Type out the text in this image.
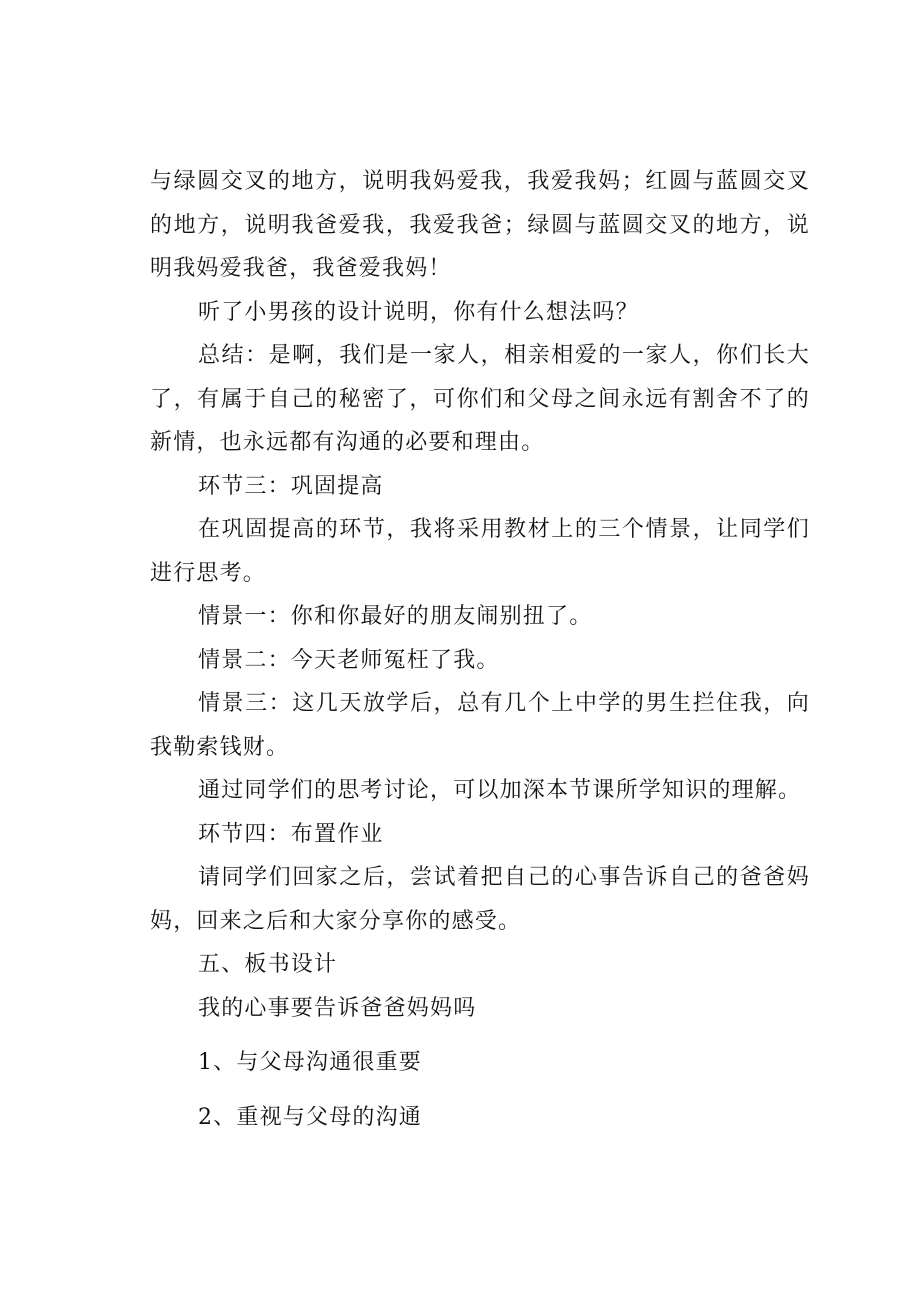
与绿圆交叉的地方，说明我妈爱我，我爱我妈；红圆与蓝圆交叉的地方，说明我爸爱我，我爱我爸；绿圆与蓝圆交叉的地方，说明我妈爱我爸，我爸爱我妈！

听了小男孩的设计说明，你有什么想法吗？

总结：是啊，我们是一家人，相亲相爱的一家人，你们长大了，有属于自己的秘密了，可你们和父母之间永远有割舍不了的新情，也永远都有沟通的必要和理由。

环节三：巩固提高

在巩固提高的环节，我将采用教材上的三个情景，让同学们进行思考。

情景一：你和你最好的朋友闹别扭了。

情景二：今天老师冤枉了我。

情景三：这几天放学后，总有几个上中学的男生拦住我，向我勒索钱财。

通过同学们的思考讨论，可以加深本节课所学知识的理解。

环节四：布置作业

请同学们回家之后，尝试着把自己的心事告诉自己的爸爸妈妈，回来之后和大家分享你的感受。

五、板书设计

我的心事要告诉爸爸妈妈吗

1、与父母沟通很重要

2、重视与父母的沟通
